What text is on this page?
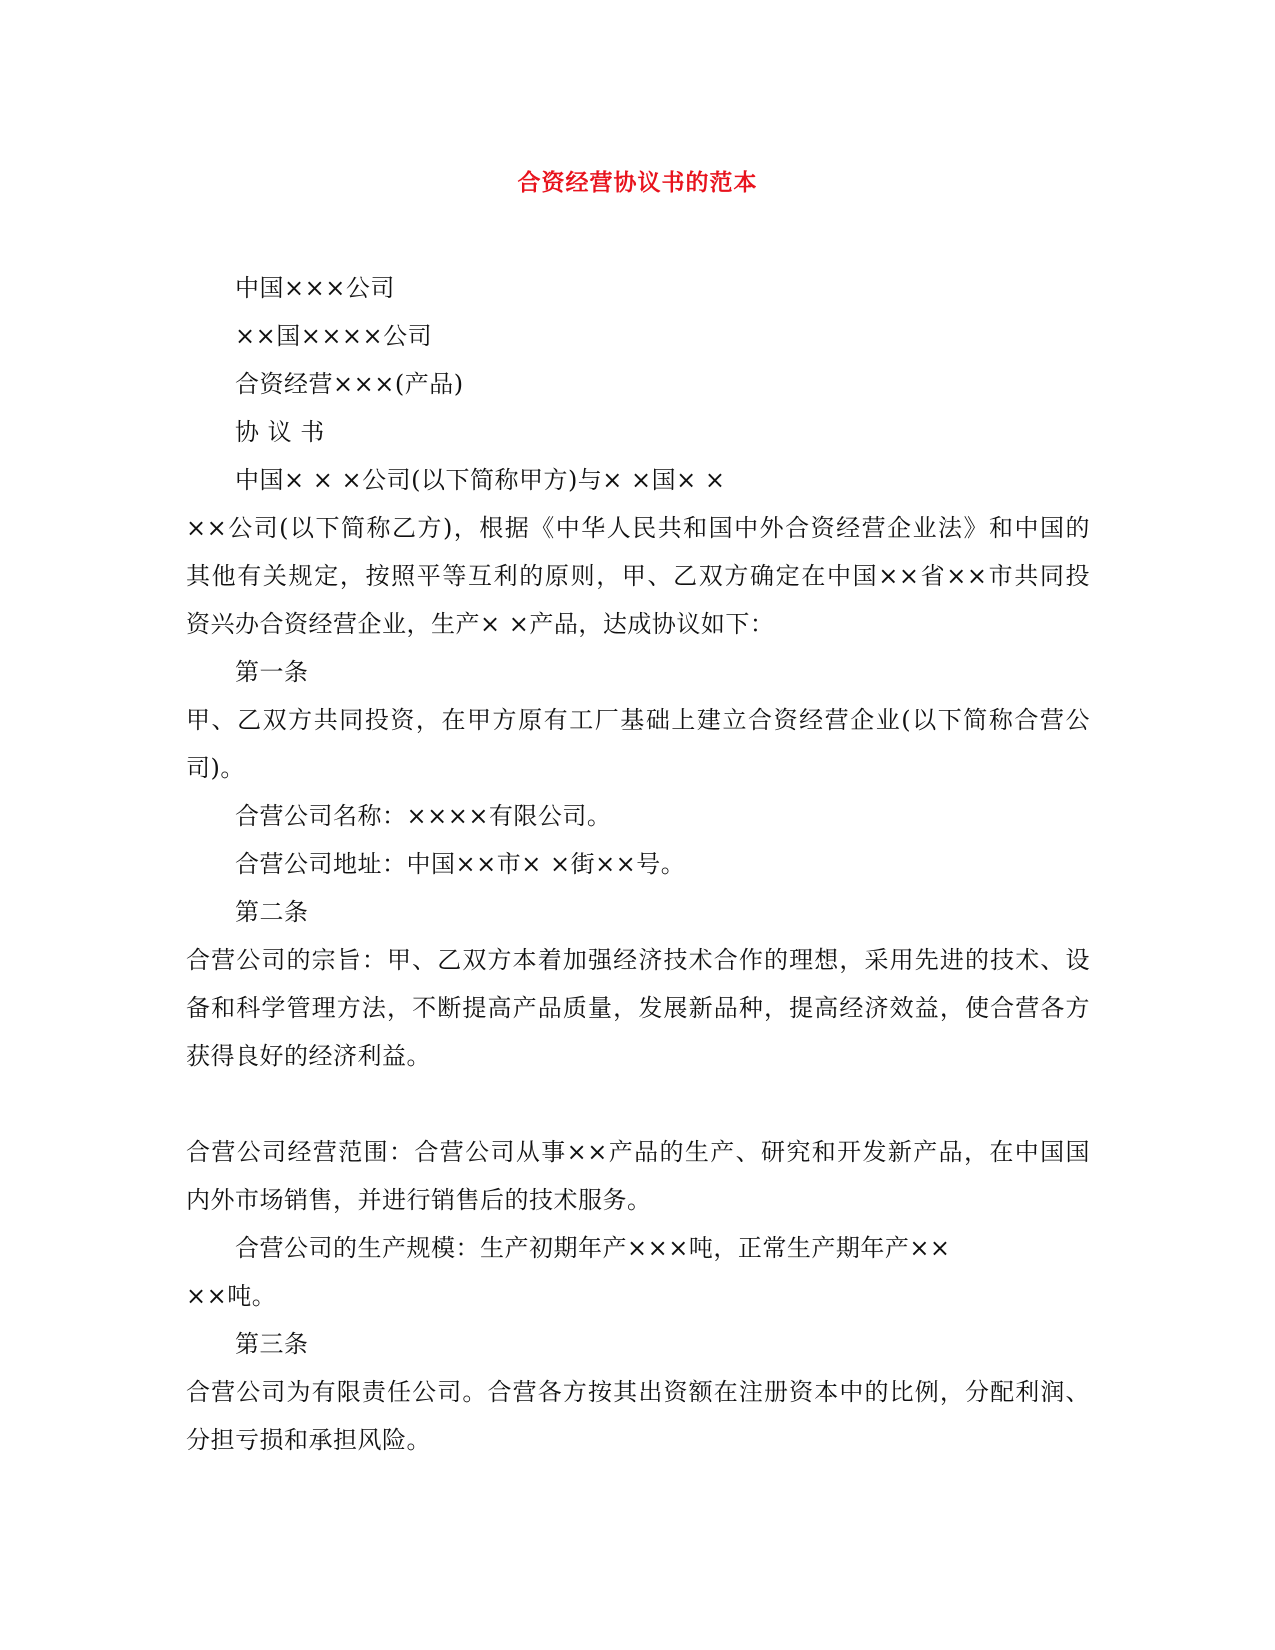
合资经营协议书的范本
中国×××公司
××国××××公司
合资经营×××(产品)
协 议 书
中国× × ×公司(以下简称甲方)与× ×国× ×
××公司(以下简称乙方)，根据《中华人民共和国中外合资经营企业法》和中国的
其他有关规定，按照平等互利的原则，甲、乙双方确定在中国××省××市共同投
资兴办合资经营企业，生产× ×产品，达成协议如下：
第一条
甲、乙双方共同投资，在甲方原有工厂基础上建立合资经营企业(以下简称合营公
司)。
合营公司名称：××××有限公司。
合营公司地址：中国××市× ×街××号。
第二条
合营公司的宗旨：甲、乙双方本着加强经济技术合作的理想，采用先进的技术、设
备和科学管理方法，不断提高产品质量，发展新品种，提高经济效益，使合营各方
获得良好的经济利益。
合营公司经营范围：合营公司从事××产品的生产、研究和开发新产品，在中国国
内外市场销售，并进行销售后的技术服务。
合营公司的生产规模：生产初期年产×××吨，正常生产期年产××
××吨。
第三条
合营公司为有限责任公司。合营各方按其出资额在注册资本中的比例，分配利润、
分担亏损和承担风险。
